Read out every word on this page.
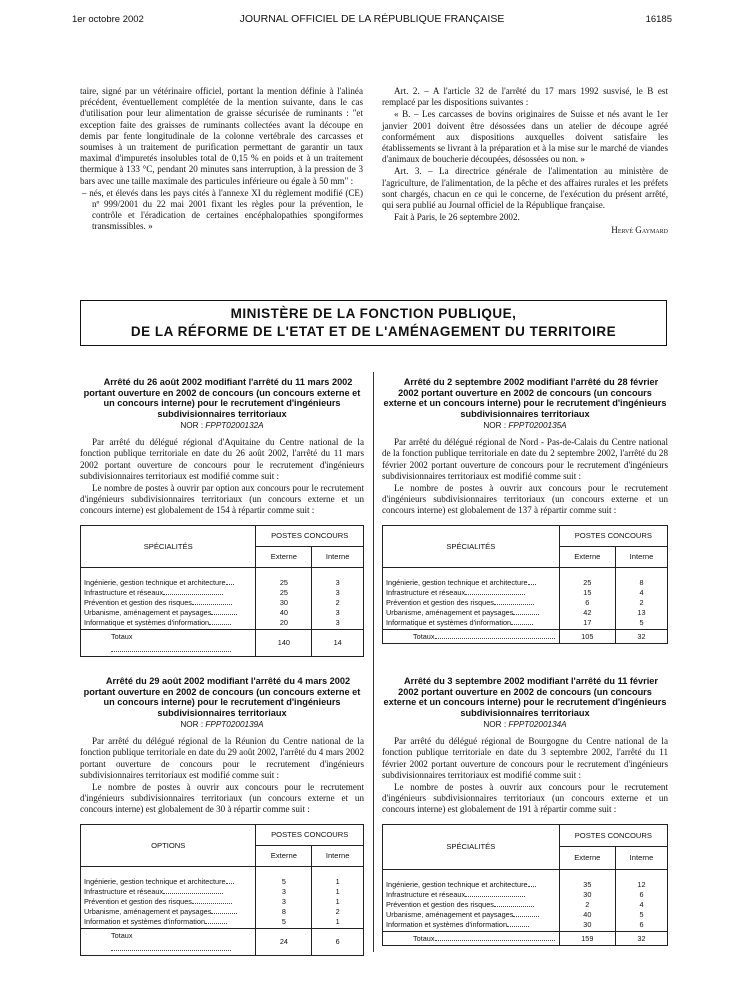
1er octobre 2002	JOURNAL OFFICIEL DE LA RÉPUBLIQUE FRANÇAISE	16185

taire, signé par un vétérinaire officiel, portant la mention définie à l'alinéa précédent, éventuellement complétée de la mention suivante, dans le cas d'utilisation pour leur alimentation de graisse sécurisée de ruminants : "et exception faite des graisses de ruminants collectées avant la découpe en demis par fente longitudinale de la colonne vertébrale des carcasses et soumises à un traitement de purification permettant de garantir un taux maximal d'impuretés insolubles total de 0,15 % en poids et à un traitement thermique à 133 °C, pendant 20 minutes sans interruption, à la pression de 3 bars avec une taille maximale des particules inférieure ou égale à 50 mm" :

– nés, et élevés dans les pays cités à l'annexe XI du règlement modifié (CE) nº 999/2001 du 22 mai 2001 fixant les règles pour la prévention, le contrôle et l'éradication de certaines encéphalopathies spongiformes transmissibles. »

Art. 2. – A l'article 32 de l'arrêté du 17 mars 1992 susvisé, le B est remplacé par les dispositions suivantes :

« B. – Les carcasses de bovins originaires de Suisse et nés avant le 1er janvier 2001 doivent être désossées dans un atelier de découpe agréé conformément aux dispositions auxquelles doivent satisfaire les établissements se livrant à la préparation et à la mise sur le marché de viandes d'animaux de boucherie découpées, désossées ou non. »

Art. 3. – La directrice générale de l'alimentation au ministère de l'agriculture, de l'alimentation, de la pêche et des affaires rurales et les préfets sont chargés, chacun en ce qui le concerne, de l'exécution du présent arrêté, qui sera publié au Journal officiel de la République française.

Fait à Paris, le 26 septembre 2002.

Hervé Gaymard
MINISTÈRE DE LA FONCTION PUBLIQUE,
DE LA RÉFORME DE L'ETAT ET DE L'AMÉNAGEMENT DU TERRITOIRE

Arrêté du 26 août 2002 modifiant l'arrêté du 11 mars 2002 portant ouverture en 2002 de concours (un concours externe et un concours interne) pour le recrutement d'ingénieurs subdivisionnaires territoriaux

NOR : FPPT0200132A

Par arrêté du délégué régional d'Aquitaine du Centre national de la fonction publique territoriale en date du 26 août 2002, l'arrêté du 11 mars 2002 portant ouverture de concours pour le recrutement d'ingénieurs subdivisionnaires territoriaux est modifié comme suit :

Le nombre de postes à ouvrir par option aux concours pour le recrutement d'ingénieurs subdivisionnaires territoriaux (un concours externe et un concours interne) est globalement de 154 à répartir comme suit :

SPÉCIALITÉS	POSTES CONCOURS	
	Externe	Interne
Ingénierie, gestion technique et architecture	25	3
Infrastructure et réseaux	25	3
Prévention et gestion des risques	30	2
Urbanisme, aménagement et paysages	40	3
Informatique et systèmes d'information	20	3
Totaux	140	14

Arrêté du 29 août 2002 modifiant l'arrêté du 4 mars 2002 portant ouverture en 2002 de concours (un concours externe et un concours interne) pour le recrutement d'ingénieurs subdivisionnaires territoriaux

NOR : FPPT0200139A

Par arrêté du délégué régional de la Réunion du Centre national de la fonction publique territoriale en date du 29 août 2002, l'arrêté du 4 mars 2002 portant ouverture de concours pour le recrutement d'ingénieurs subdivisionnaires territoriaux est modifié comme suit :

Le nombre de postes à ouvrir aux concours pour le recrutement d'ingénieurs subdivisionnaires territoriaux (un concours externe et un concours interne) est globalement de 30 à répartir comme suit :

OPTIONS	POSTES CONCOURS	
	Externe	Interne
Ingénierie, gestion technique et architecture	5	1
Infrastructure et réseaux	3	1
Prévention et gestion des risques	3	1
Urbanisme, aménagement et paysages	8	2
Information et systèmes d'information	5	1
Totaux	24	6

Arrêté du 2 septembre 2002 modifiant l'arrêté du 28 février 2002 portant ouverture en 2002 de concours (un concours externe et un concours interne) pour le recrutement d'ingénieurs subdivisionnaires territoriaux

NOR : FPPT0200135A

Par arrêté du délégué régional de Nord - Pas-de-Calais du Centre national de la fonction publique territoriale en date du 2 septembre 2002, l'arrêté du 28 février 2002 portant ouverture de concours pour le recrutement d'ingénieurs subdivisionnaires territoriaux est modifié comme suit :

Le nombre de postes à ouvrir aux concours pour le recrutement d'ingénieurs subdivisionnaires territoriaux (un concours externe et un concours interne) est globalement de 137 à répartir comme suit :

SPÉCIALITÉS	POSTES CONCOURS	
	Externe	Interne
Ingénierie, gestion technique et architecture	25	8
Infrastructure et réseaux	15	4
Prévention et gestion des risques	6	2
Urbanisme, aménagement et paysages	42	13
Informatique et systèmes d'information	17	5
Totaux	105	32

Arrêté du 3 septembre 2002 modifiant l'arrêté du 11 février 2002 portant ouverture en 2002 de concours (un concours externe et un concours interne) pour le recrutement d'ingénieurs subdivisionnaires territoriaux

NOR : FPPT0200134A

Par arrêté du délégué régional de Bourgogne du Centre national de la fonction publique territoriale en date du 3 septembre 2002, l'arrêté du 11 février 2002 portant ouverture de concours pour le recrutement d'ingénieurs subdivisionnaires territoriaux est modifié comme suit :

Le nombre de postes à ouvrir aux concours pour le recrutement d'ingénieurs subdivisionnaires territoriaux (un concours externe et un concours interne) est globalement de 191 à répartir comme suit :

SPÉCIALITÉS	POSTES CONCOURS	
	Externe	Interne
Ingénierie, gestion technique et architecture	35	12
Infrastructure et réseaux	30	6
Prévention et gestion des risques	2	4
Urbanisme, aménagement et paysages	40	5
Information et systèmes d'information	30	6
Totaux	159	32
